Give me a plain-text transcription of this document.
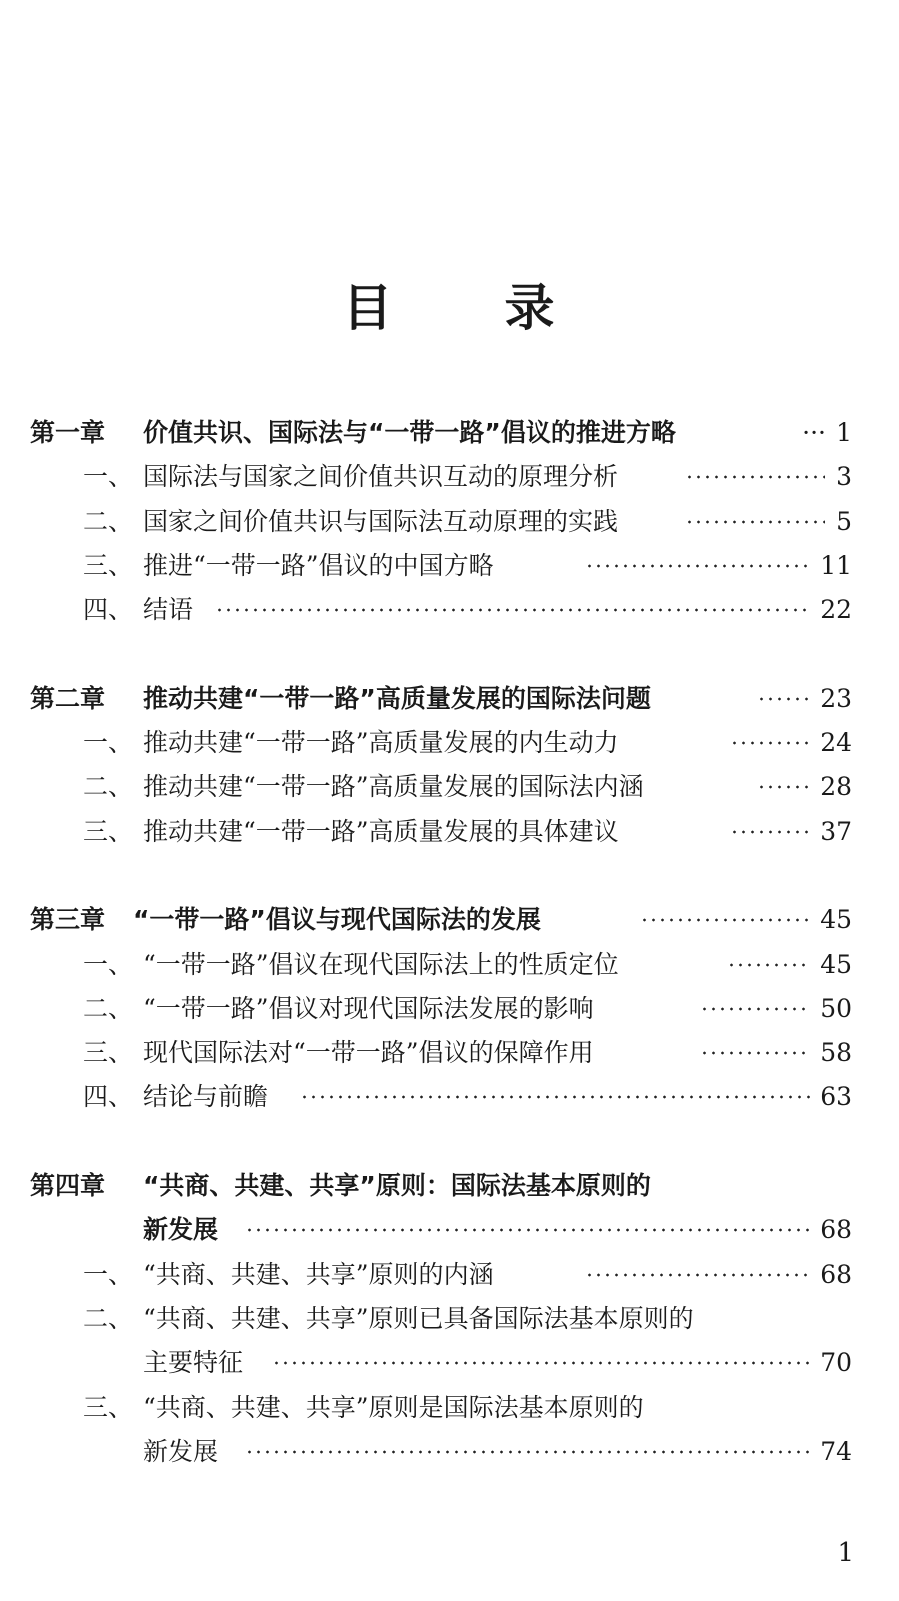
目 录
第一章 价值共识、国际法与“一带一路”倡议的推进方略	··· 1
一、 国际法与国家之间价值共识互动的原理分析	3
二、 国家之间价值共识与国际法互动原理的实践	5
三、 推进“一带一路”倡议的中国方略	11
四、 结语	22
第二章 推动共建“一带一路”高质量发展的国际法问题	23
一、 推动共建“一带一路”高质量发展的内生动力	24
二、 推动共建“一带一路”高质量发展的国际法内涵	28
三、 推动共建“一带一路”高质量发展的具体建议	37
第三章 “一带一路”倡议与现代国际法的发展	45
一、 “一带一路”倡议在现代国际法上的性质定位	45
二、 “一带一路”倡议对现代国际法发展的影响	50
三、 现代国际法对“一带一路”倡议的保障作用	58
四、 结论与前瞻	63
第四章 “共商、共建、共享”原则：国际法基本原则的
新发展	68
一、 “共商、共建、共享”原则的内涵	68
二、 “共商、共建、共享”原则已具备国际法基本原则的
主要特征	70
三、 “共商、共建、共享”原则是国际法基本原则的
新发展	74
1
